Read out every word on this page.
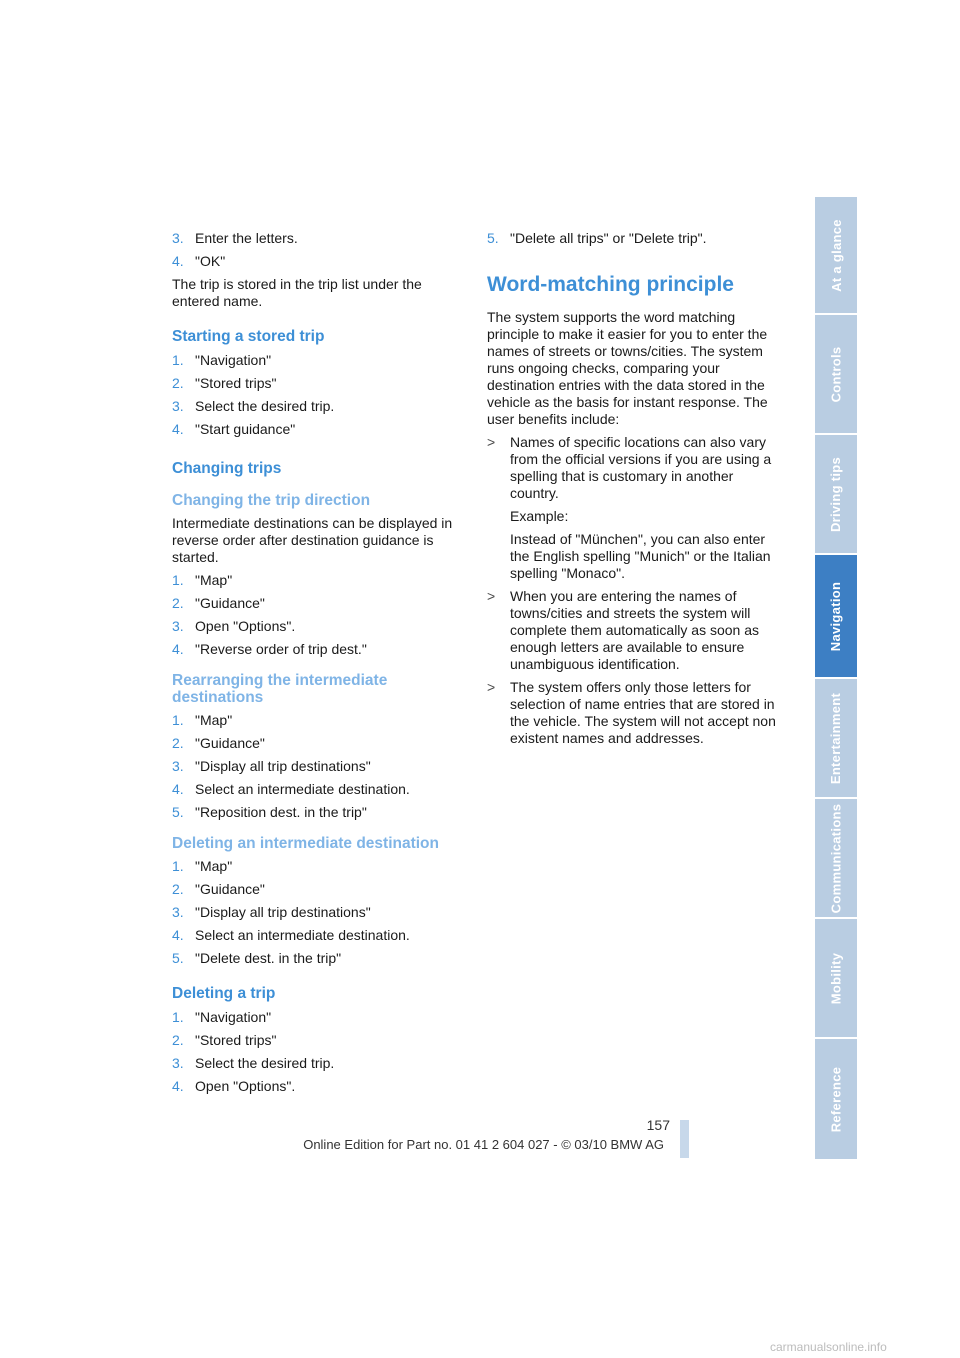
3. Enter the letters.
4. "OK"
The trip is stored in the trip list under the entered name.
Starting a stored trip
1. "Navigation"
2. "Stored trips"
3. Select the desired trip.
4. "Start guidance"
Changing trips
Changing the trip direction
Intermediate destinations can be displayed in reverse order after destination guidance is started.
1. "Map"
2. "Guidance"
3. Open "Options".
4. "Reverse order of trip dest."
Rearranging the intermediate destinations
1. "Map"
2. "Guidance"
3. "Display all trip destinations"
4. Select an intermediate destination.
5. "Reposition dest. in the trip"
Deleting an intermediate destination
1. "Map"
2. "Guidance"
3. "Display all trip destinations"
4. Select an intermediate destination.
5. "Delete dest. in the trip"
Deleting a trip
1. "Navigation"
2. "Stored trips"
3. Select the desired trip.
4. Open "Options".
5. "Delete all trips" or "Delete trip".
Word-matching principle
The system supports the word matching principle to make it easier for you to enter the names of streets or towns/cities. The system runs ongoing checks, comparing your destination entries with the data stored in the vehicle as the basis for instant response. The user benefits include:
>	Names of specific locations can also vary from the official versions if you are using a spelling that is customary in another country.
Example:
Instead of "München", you can also enter the English spelling "Munich" or the Italian spelling "Monaco".
>	When you are entering the names of towns/cities and streets the system will complete them automatically as soon as enough letters are available to ensure unambiguous identification.
>	The system offers only those letters for selection of name entries that are stored in the vehicle. The system will not accept non existent names and addresses.
At a glance
Controls
Driving tips
Navigation
Entertainment
Communications
Mobility
Reference
157
Online Edition for Part no. 01 41 2 604 027 - © 03/10 BMW AG
carmanualsonline.info
